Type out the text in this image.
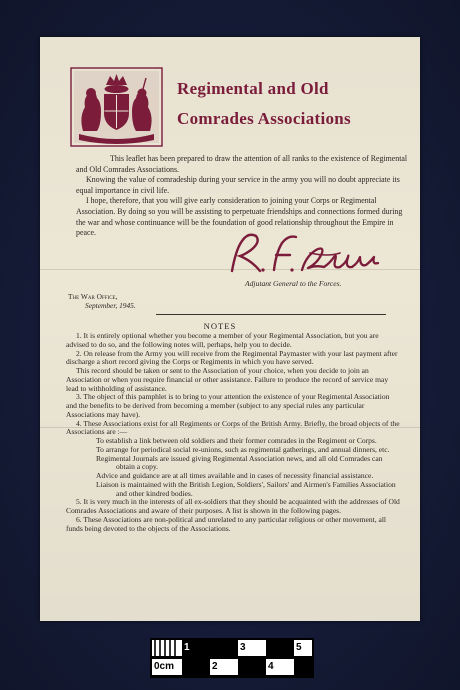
Regimental and Old
Comrades Associations

This leaflet has been prepared to draw the attention of all ranks to the existence of Regimental and Old Comrades Associations.

Knowing the value of comradeship during your service in the army you will no doubt appreciate its equal importance in civil life.

I hope, therefore, that you will give early consideration to joining your Corps or Regimental Association. By doing so you will be assisting to perpetuate friendships and connections formed during the war and whose continuance will be the foundation of good relationship throughout the Empire in peace.

Adjutant General to the Forces.
The War Office,
September, 1945.
NOTES

1. It is entirely optional whether you become a member of your Regimental Association, but you are advised to do so, and the following notes will, perhaps, help you to decide.

2. On release from the Army you will receive from the Regimental Paymaster with your last payment after discharge a short record giving the Corps or Regiments in which you have served.

This record should be taken or sent to the Association of your choice, when you decide to join an Association or when you require financial or other assistance. Failure to produce the record of service may lead to withholding of assistance.

3. The object of this pamphlet is to bring to your attention the existence of your Regimental Association and the benefits to be derived from becoming a member (subject to any special rules any particular Associations may have).

4. These Associations exist for all Regiments or Corps of the British Army. Briefly, the broad objects of the Associations are :—

To establish a link between old soldiers and their former comrades in the Regiment or Corps.

To arrange for periodical social re-unions, such as regimental gatherings, and annual dinners, etc.

Regimental Journals are issued giving Regimental Association news, and all old Comrades can obtain a copy.

Advice and guidance are at all times available and in cases of necessity financial assistance.

Liaison is maintained with the British Legion, Soldiers', Sailors' and Airmen's Families Association and other kindred bodies.

5. It is very much in the interests of all ex-soldiers that they should be acquainted with the addresses of Old Comrades Associations and aware of their purposes. A list is shown in the following pages.

6. These Associations are non-political and unrelated to any particular religious or other movement, all funds being devoted to the objects of the Associations.

0cm
1
2
3
4
5
